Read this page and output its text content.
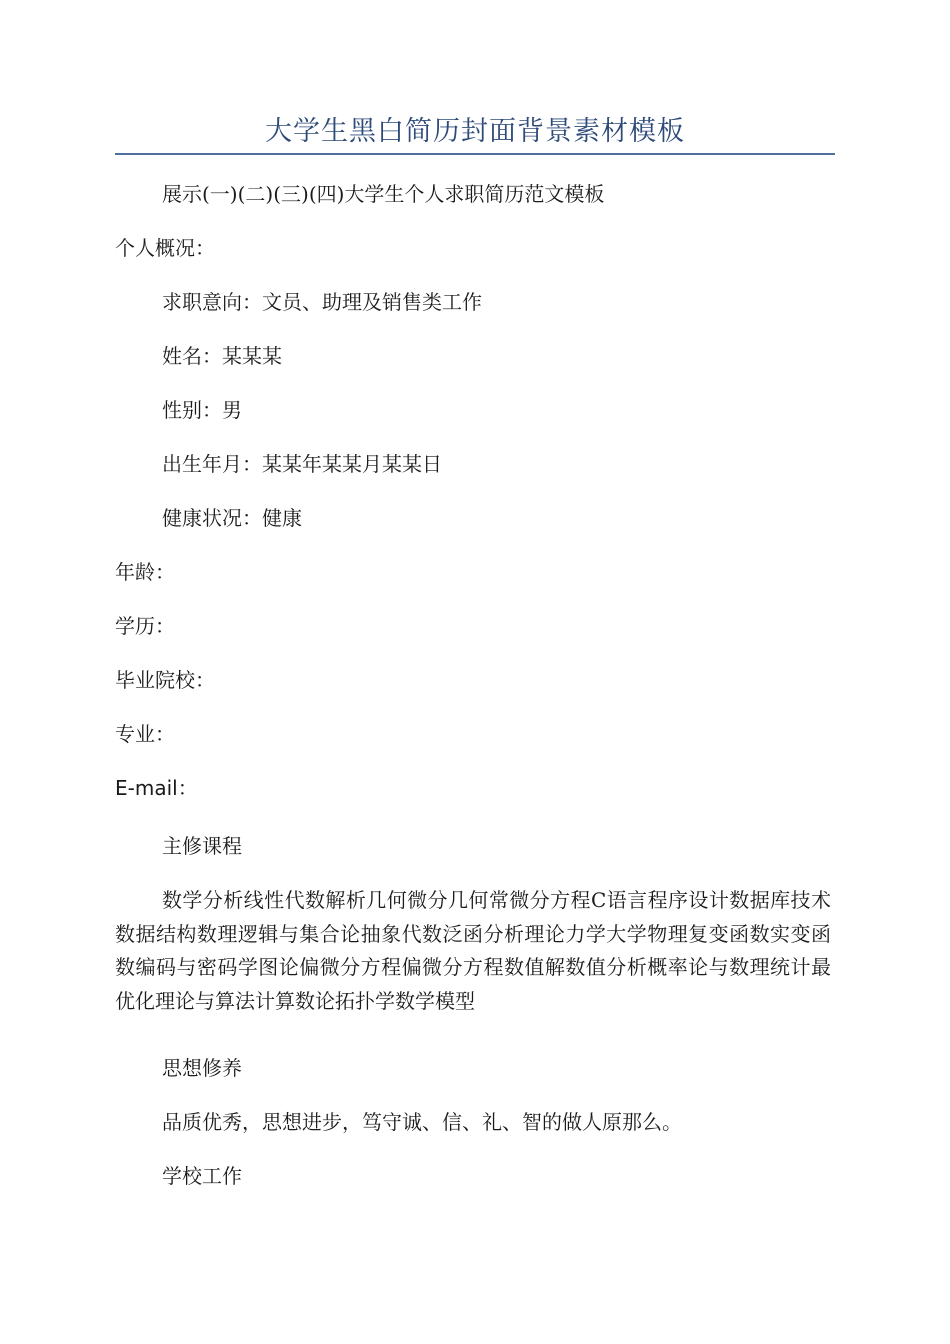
大学生黑白简历封面背景素材模板
展示(一)(二)(三)(四)大学生个人求职简历范文模板
个人概况：
求职意向：文员、助理及销售类工作
姓名：某某某
性别：男
出生年月：某某年某某月某某日
健康状况：健康
年龄：
学历：
毕业院校：
专业：
E-mail：
主修课程
数学分析线性代数解析几何微分几何常微分方程C语言程序设计数据库技术数据结构数理逻辑与集合论抽象代数泛函分析理论力学大学物理复变函数实变函数编码与密码学图论偏微分方程偏微分方程数值解数值分析概率论与数理统计最优化理论与算法计算数论拓扑学数学模型
思想修养
品质优秀，思想进步，笃守诚、信、礼、智的做人原那么。
学校工作
